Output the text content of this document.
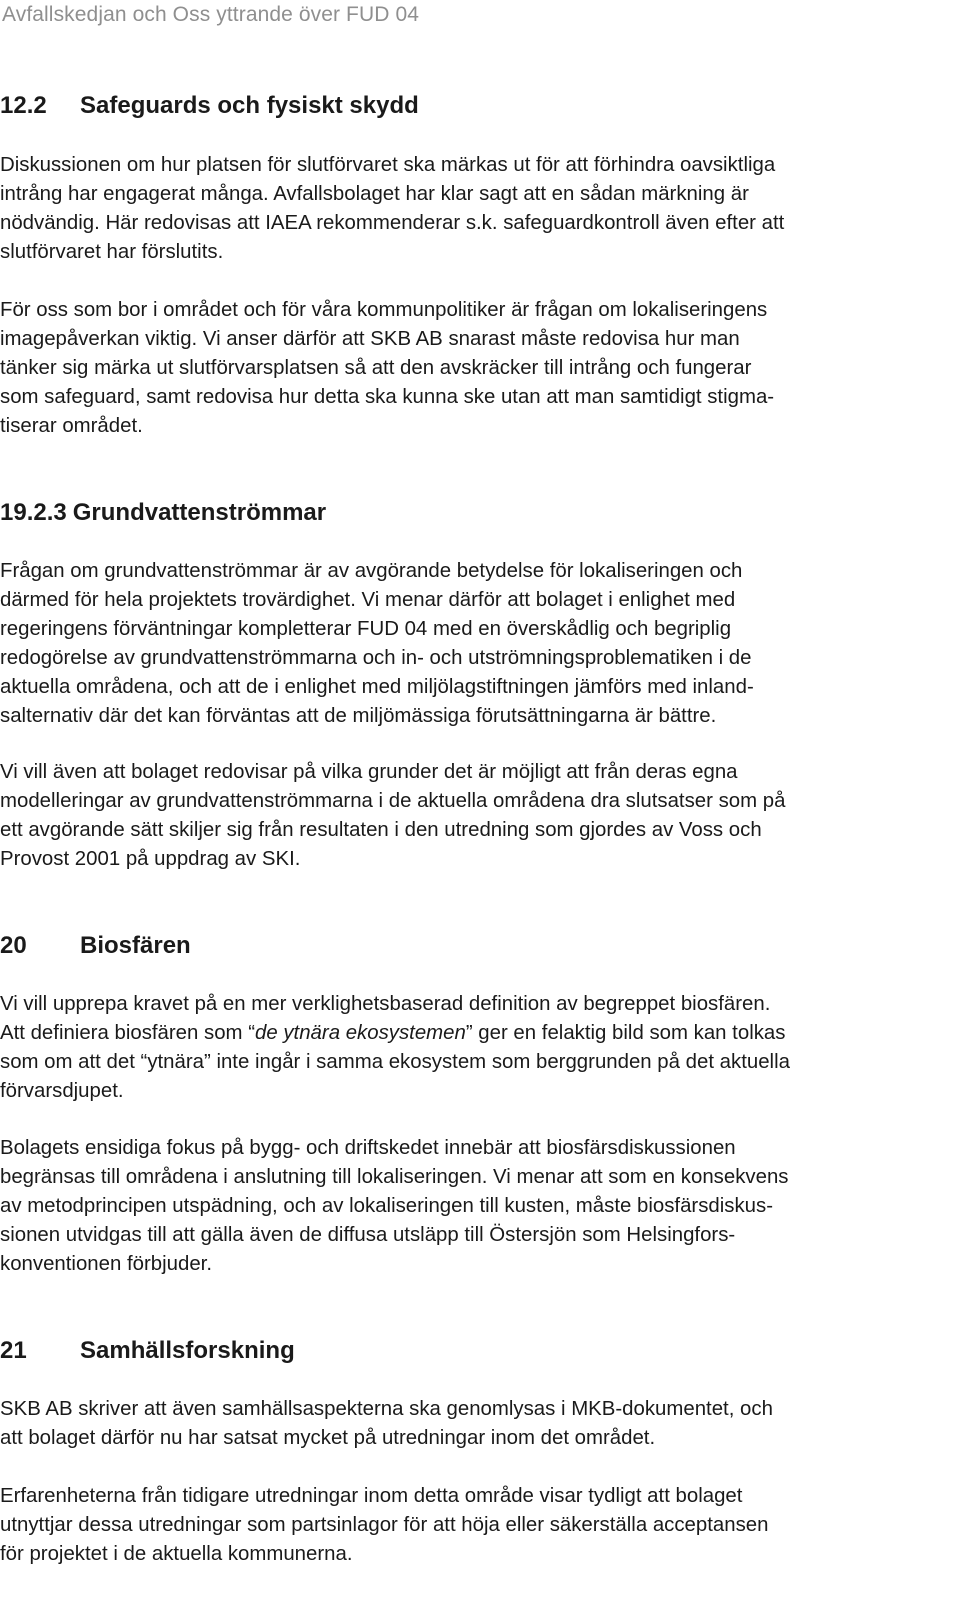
Avfallskedjan och Oss yttrande över FUD 04
12.2 Safeguards och fysiskt skydd
Diskussionen om hur platsen för slutförvaret ska märkas ut för att förhindra oavsiktliga
intrång har engagerat många. Avfallsbolaget har klar sagt att en sådan märkning är
nödvändig. Här redovisas att IAEA rekommenderar s.k. safeguardkontroll även efter att
slutförvaret har förslutits.
För oss som bor i området och för våra kommunpolitiker är frågan om lokaliseringens
imagepåverkan viktig. Vi anser därför att SKB AB snarast måste redovisa hur man
tänker sig märka ut slutförvarsplatsen så att den avskräcker till intrång och fungerar
som safeguard, samt redovisa hur detta ska kunna ske utan att man samtidigt stigma-
tiserar området.
19.2.3 Grundvattenströmmar
Frågan om grundvattenströmmar är av avgörande betydelse för lokaliseringen och
därmed för hela projektets trovärdighet. Vi menar därför att bolaget i enlighet med
regeringens förväntningar kompletterar FUD 04 med en överskådlig och begriplig
redogörelse av grundvattenströmmarna och in- och utströmningsproblematiken i de
aktuella områdena, och att de i enlighet med miljölagstiftningen jämförs med inland-
salternativ där det kan förväntas att de miljömässiga förutsättningarna är bättre.
Vi vill även att bolaget redovisar på vilka grunder det är möjligt att från deras egna
modelleringar av grundvattenströmmarna i de aktuella områdena dra slutsatser som på
ett avgörande sätt skiljer sig från resultaten i den utredning som gjordes av Voss och
Provost 2001 på uppdrag av SKI.
20 Biosfären
Vi vill upprepa kravet på en mer verklighetsbaserad definition av begreppet biosfären.
Att definiera biosfären som “de ytnära ekosystemen” ger en felaktig bild som kan tolkas
som om att det “ytnära” inte ingår i samma ekosystem som berggrunden på det aktuella
förvarsdjupet.
Bolagets ensidiga fokus på bygg- och driftskedet innebär att biosfärsdiskussionen
begränsas till områdena i anslutning till lokaliseringen. Vi menar att som en konsekvens
av metodprincipen utspädning, och av lokaliseringen till kusten, måste biosfärsdiskus-
sionen utvidgas till att gälla även de diffusa utsläpp till Östersjön som Helsingfors-
konventionen förbjuder.
21 Samhällsforskning
SKB AB skriver att även samhällsaspekterna ska genomlysas i MKB-dokumentet, och
att bolaget därför nu har satsat mycket på utredningar inom det området.
Erfarenheterna från tidigare utredningar inom detta område visar tydligt att bolaget
utnyttjar dessa utredningar som partsinlagor för att höja eller säkerställa acceptansen
för projektet i de aktuella kommunerna.
